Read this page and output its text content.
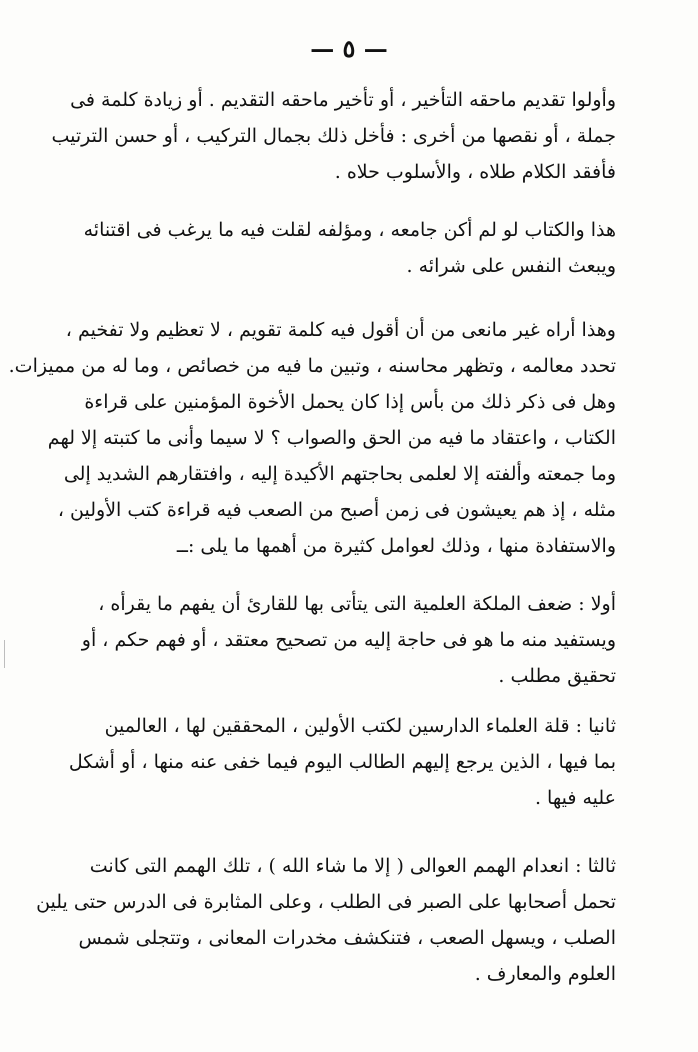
— ٥ —

وأولوا تقديم ماحقه التأخير ، أو تأخير ماحقه التقديم . أو زيادة كلمة فى
جملة ، أو نقصها من أخرى : فأخل ذلك بجمال التركيب ، أو حسن الترتيب
فأفقد الكلام طلاه ، والأسلوب حلاه .

هذا والكتاب لو لم أكن جامعه ، ومؤلفه لقلت فيه ما يرغب فى اقتنائه
ويبعث النفس على شرائه .

وهذا أراه غير مانعى من أن أقول فيه كلمة تقويم ، لا تعظيم ولا تفخيم ،
تحدد معالمه ، وتظهر محاسنه ، وتبين ما فيه من خصائص ، وما له من مميزات.
وهل فى ذكر ذلك من بأس إذا كان يحمل الأخوة المؤمنين على قراءة
الكتاب ، واعتقاد ما فيه من الحق والصواب ؟ لا سيما وأنى ما كتبته إلا لهم
وما جمعته وألفته إلا لعلمى بحاجتهم الأكيدة إليه ، وافتقارهم الشديد إلى
مثله ، إذ هم يعيشون فى زمن أصبح من الصعب فيه قراءة كتب الأولين ،
والاستفادة منها ، وذلك لعوامل كثيرة من أهمها ما يلى :ــ

أولا : ضعف الملكة العلمية التى يتأتى بها للقارئ أن يفهم ما يقرأه ،
ويستفيد منه ما هو فى حاجة إليه من تصحيح معتقد ، أو فهم حكم ، أو
تحقيق مطلب .

ثانيا : قلة العلماء الدارسين لكتب الأولين ، المحققين لها ، العالمين
بما فيها ، الذين يرجع إليهم الطالب اليوم فيما خفى عنه منها ، أو أشكل
عليه فيها .

ثالثا : انعدام الهمم العوالى ( إلا ما شاء الله ) ، تلك الهمم التى كانت
تحمل أصحابها على الصبر فى الطلب ، وعلى المثابرة فى الدرس حتى يلين
الصلب ، ويسهل الصعب ، فتنكشف مخدرات المعانى ، وتتجلى شمس
العلوم والمعارف .
